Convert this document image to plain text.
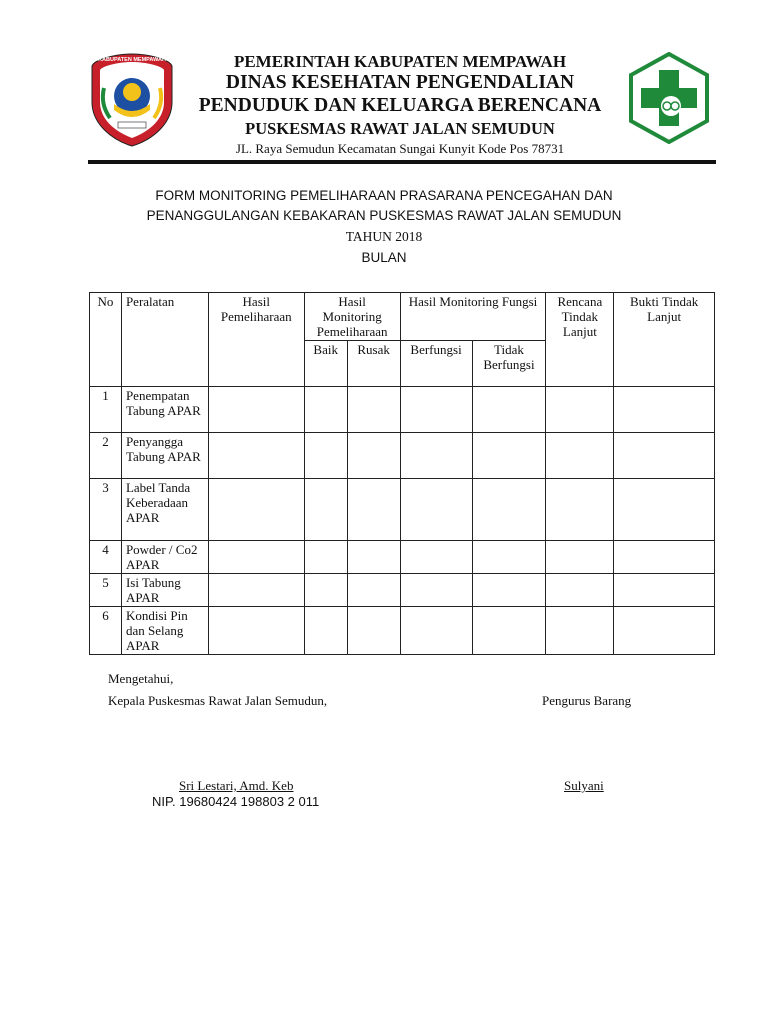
KABUPATEN MEMPAWAH	PEMERINTAH KABUPATEN MEMPAWAH
DINAS KESEHATAN PENGENDALIAN
PENDUDUK DAN KELUARGA BERENCANA
PUSKESMAS RAWAT JALAN SEMUDUN
JL. Raya Semudun Kecamatan Sungai Kunyit Kode Pos 78731
FORM MONITORING PEMELIHARAAN PRASARANA PENCEGAHAN DAN
PENANGGULANGAN KEBAKARAN PUSKESMAS RAWAT JALAN SEMUDUN
TAHUN 2018
BULAN
No	Peralatan	Hasil Pemeliharaan	Hasil Monitoring Pemeliharaan		Hasil Monitoring Fungsi		Rencana Tindak Lanjut	Bukti Tindak Lanjut
			Baik	Rusak	Berfungsi	Tidak Berfungsi		
1	Penempatan Tabung APAR							
2	Penyangga Tabung APAR							
3	Label Tanda Keberadaan APAR							
4	Powder / Co2 APAR							
5	Isi Tabung APAR							
6	Kondisi Pin dan Selang APAR							
Mengetahui,
Kepala Puskesmas Rawat Jalan Semudun,	Pengurus Barang
Sri Lestari, Amd. Keb
NIP. 19680424 198803 2 011
Sulyani
